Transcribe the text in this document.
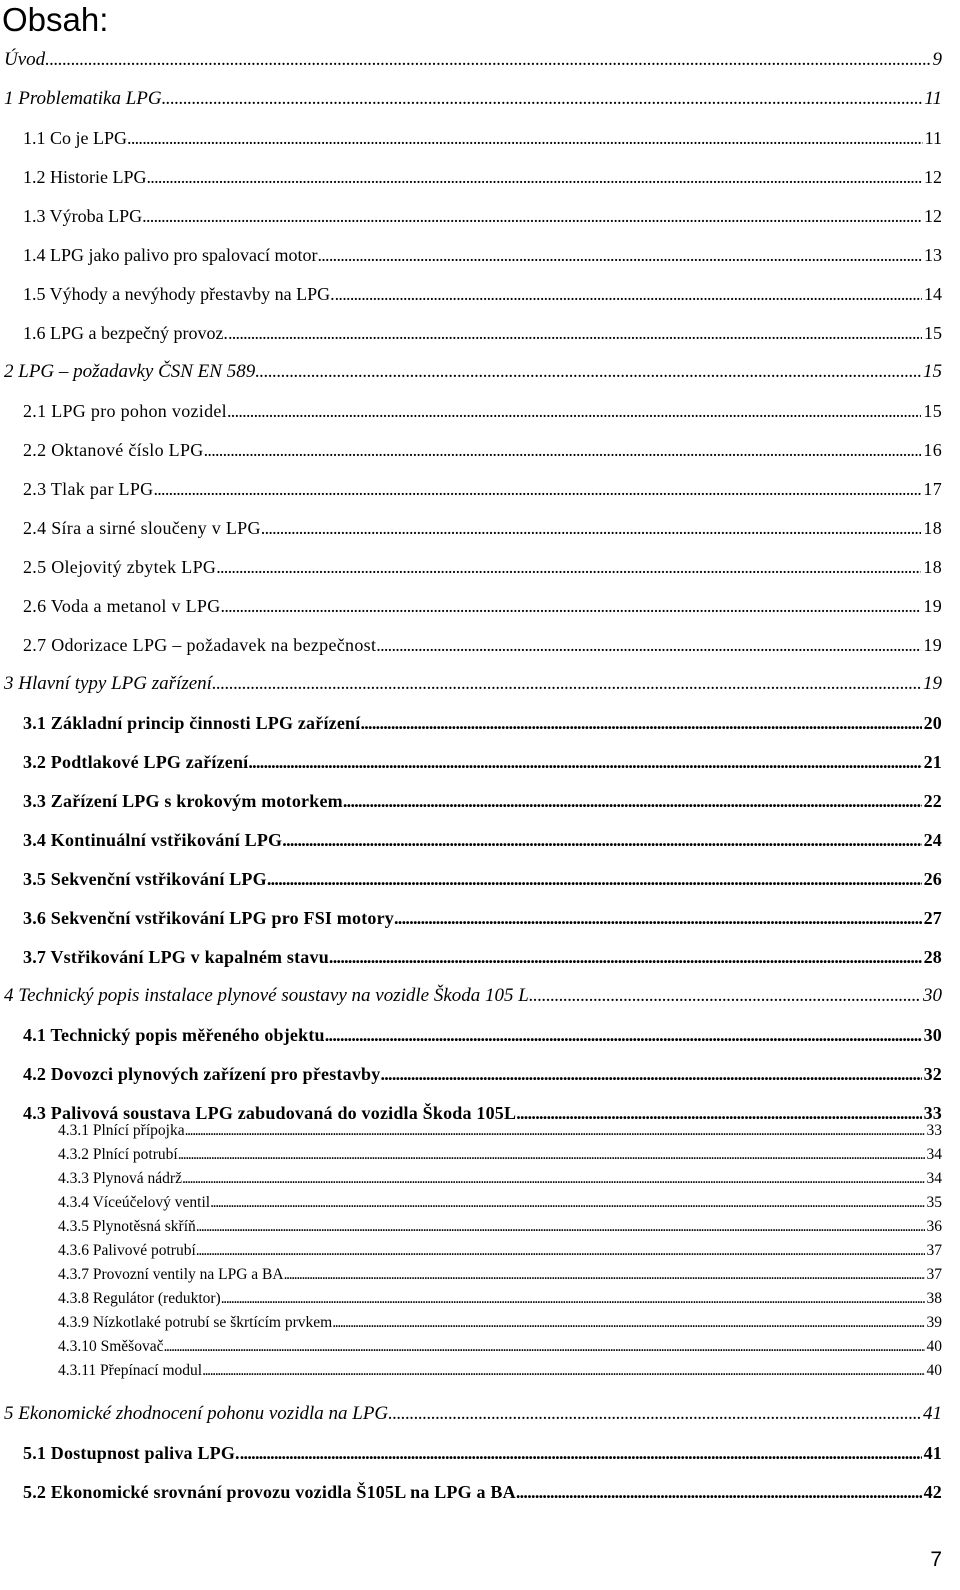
Obsah:
Úvod . . .	9
1 Problematika LPG . . .	11
1.1 Co je LPG . . .	11
1.2 Historie LPG . . .	12
1.3 Výroba LPG . . .	12
1.4 LPG jako palivo pro spalovací motor . . .	13
1.5 Výhody a nevýhody přestavby na LPG. . . .	14
1.6 LPG a bezpečný provoz. . . .	15
2 LPG – požadavky ČSN EN 589 . . .	15
2.1 LPG pro pohon vozidel . . .	15
2.2 Oktanové číslo LPG . . .	16
2.3 Tlak par LPG . . .	17
2.4 Síra a sirné sloučeny v LPG . . .	18
2.5 Olejovitý zbytek LPG . . .	18
2.6 Voda a metanol v LPG . . .	19
2.7 Odorizace LPG – požadavek na bezpečnost . . .	19
3 Hlavní typy LPG zařízení . . .	19
3.1 Základní princip činnosti LPG zařízení . . .	20
3.2 Podtlakové LPG zařízení . . .	21
3.3 Zařízení LPG s krokovým motorkem . . .	22
3.4 Kontinuální vstřikování LPG . . .	24
3.5 Sekvenční vstřikování LPG . . .	26
3.6 Sekvenční vstřikování LPG pro FSI motory . . .	27
3.7 Vstřikování LPG v kapalném stavu . . .	28
4 Technický popis instalace plynové soustavy na vozidle Škoda 105 L . . .	30
4.1 Technický popis měřeného objektu . . .	30
4.2 Dovozci plynových zařízení pro přestavby . . .	32
4.3 Palivová soustava LPG zabudovaná do vozidla Škoda 105L . . .	33
4.3.1 Plnící přípojka . . .	33
4.3.2 Plnící potrubí . . .	34
4.3.3 Plynová nádrž . . .	34
4.3.4 Víceúčelový ventil . . .	35
4.3.5 Plynotěsná skříň . . .	36
4.3.6 Palivové potrubí . . .	37
4.3.7 Provozní ventily na LPG a BA . . .	37
4.3.8 Regulátor (reduktor) . . .	38
4.3.9 Nízkotlaké potrubí se škrtícím prvkem . . .	39
4.3.10 Směšovač . . .	40
4.3.11 Přepínací modul . . .	40
5 Ekonomické zhodnocení pohonu vozidla na LPG . . .	41
5.1 Dostupnost paliva LPG. . . .	41
5.2 Ekonomické srovnání provozu vozidla Š105L na LPG a BA . . .	42
7
